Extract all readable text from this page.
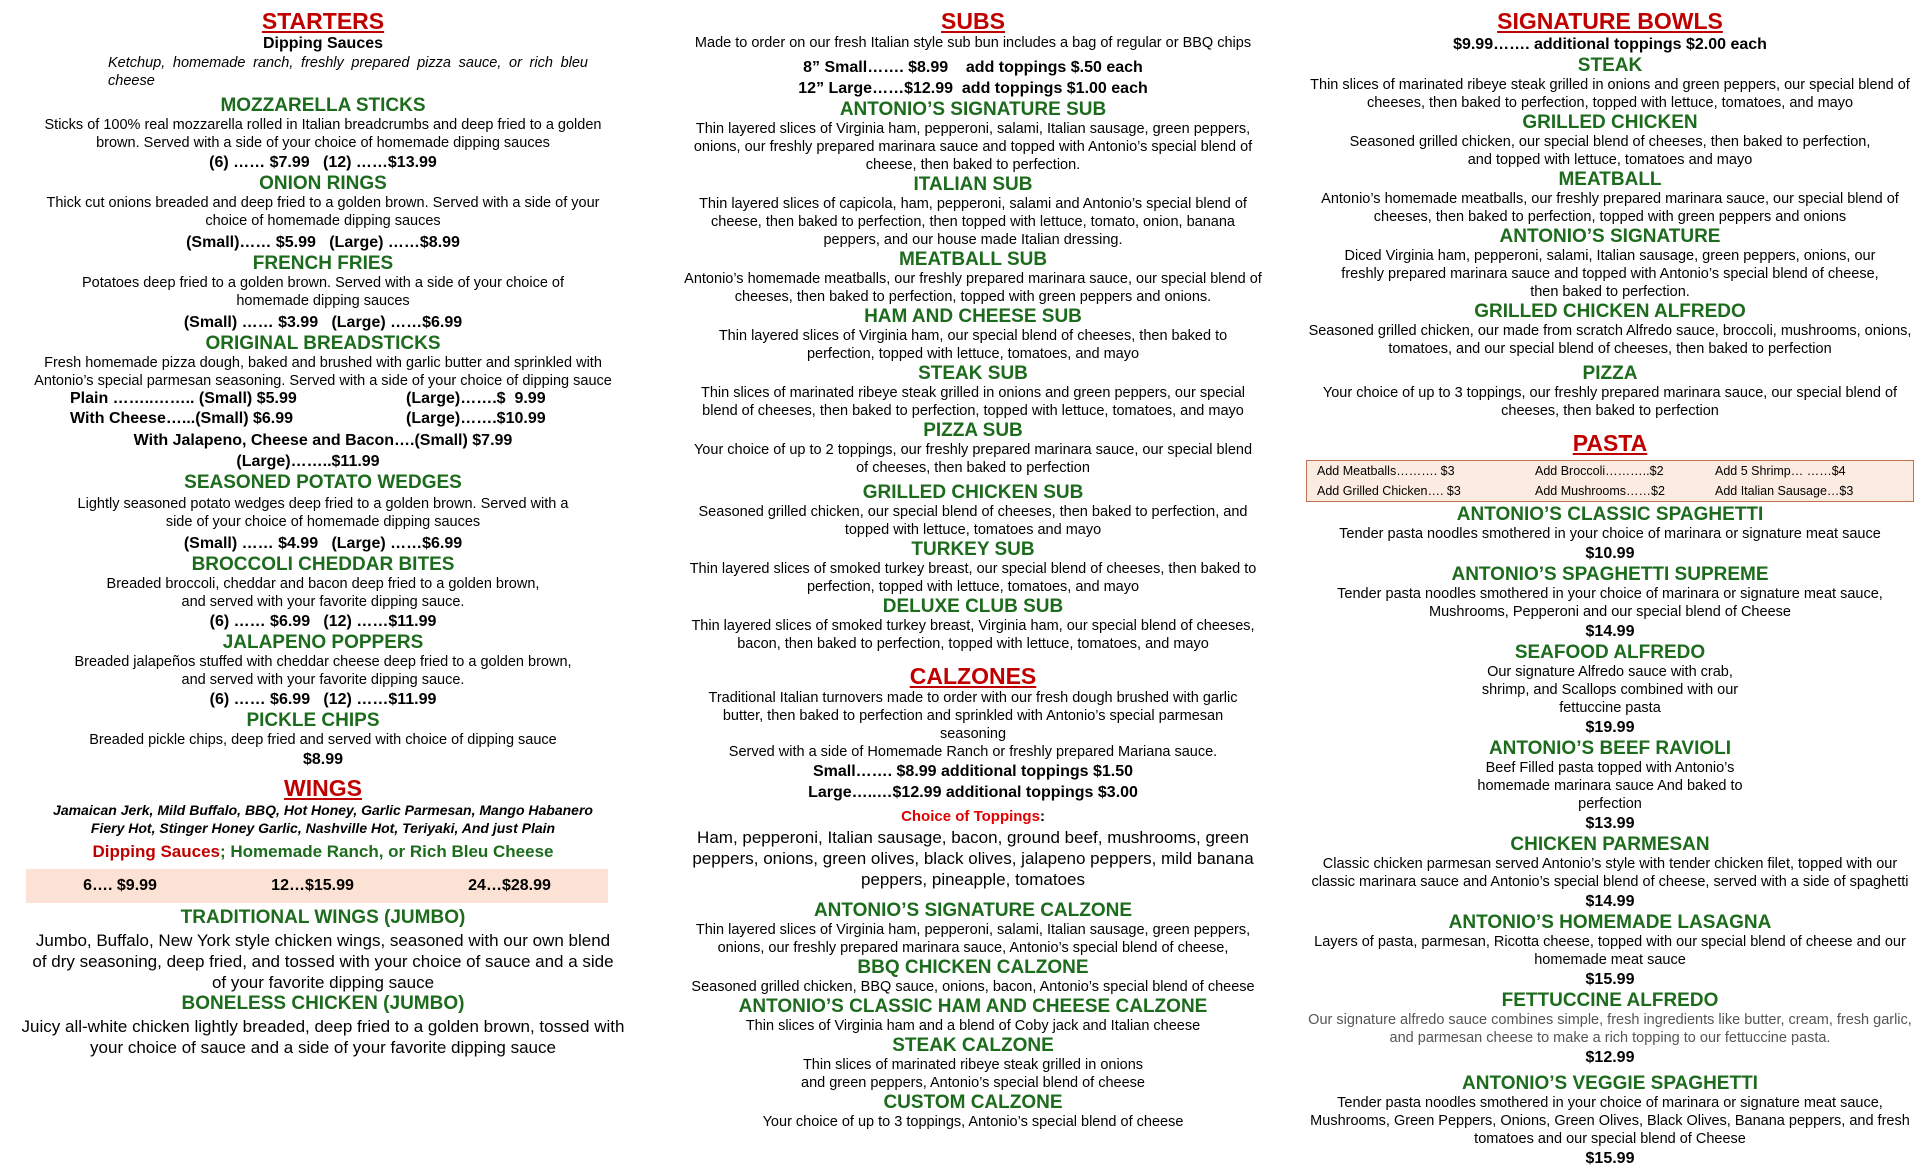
STARTERS
Dipping Sauces
Ketchup, homemade ranch, freshly prepared pizza sauce, or rich bleu cheese
MOZZARELLA STICKS
Sticks of 100% real mozzarella rolled in Italian breadcrumbs and deep fried to a golden brown. Served with a side of your choice of homemade dipping sauces
(6) …… $7.99   (12) ……$13.99
ONION RINGS
Thick cut onions breaded and deep fried to a golden brown. Served with a side of your choice of homemade dipping sauces
(Small)…… $5.99   (Large) ……$8.99
FRENCH FRIES
Potatoes deep fried to a golden brown. Served with a side of your choice of homemade dipping sauces
(Small) …… $3.99   (Large) ……$6.99
ORIGINAL BREADSTICKS
Fresh homemade pizza dough, baked and brushed with garlic butter and sprinkled with Antonio’s special parmesan seasoning. Served with a side of your choice of dipping sauce
Plain ……..…….. (Small) $5.99	(Large)…….$  9.99
With Cheese…...(Small) $6.99	(Large)…….$10.99
With Jalapeno, Cheese and Bacon….(Small) $7.99
(Large)……..$11.99
SEASONED POTATO WEDGES
Lightly seasoned potato wedges deep fried to a golden brown. Served with a side of your choice of homemade dipping sauces
(Small) …… $4.99   (Large) ……$6.99
BROCCOLI CHEDDAR BITES
Breaded broccoli, cheddar and bacon deep fried to a golden brown,
and served with your favorite dipping sauce.
(6) …… $6.99   (12) ……$11.99
JALAPENO POPPERS
Breaded jalapeños stuffed with cheddar cheese deep fried to a golden brown,
and served with your favorite dipping sauce.
(6) …… $6.99   (12) ……$11.99
PICKLE CHIPS
Breaded pickle chips, deep fried and served with choice of dipping sauce
$8.99
WINGS
Jamaican Jerk, Mild Buffalo, BBQ, Hot Honey, Garlic Parmesan, Mango Habanero
Fiery Hot, Stinger Honey Garlic, Nashville Hot, Teriyaki, And just Plain
Dipping Sauces; Homemade Ranch, or Rich Bleu Cheese
6…. $9.99	12…$15.99	24…$28.99
TRADITIONAL WINGS (JUMBO)
Jumbo, Buffalo, New York style chicken wings, seasoned with our own blend of dry seasoning, deep fried, and tossed with your choice of sauce and a side of your favorite dipping sauce
BONELESS CHICKEN (JUMBO)
Juicy all-white chicken lightly breaded, deep fried to a golden brown, tossed with your choice of sauce and a side of your favorite dipping sauce
SUBS
Made to order on our fresh Italian style sub bun includes a bag of regular or BBQ chips
8” Small……. $8.99    add toppings $.50 each
12” Large……$12.99  add toppings $1.00 each
ANTONIO’S SIGNATURE SUB
Thin layered slices of Virginia ham, pepperoni, salami, Italian sausage, green peppers, onions, our freshly prepared marinara sauce and topped with Antonio’s special blend of cheese, then baked to perfection.
ITALIAN SUB
Thin layered slices of capicola, ham, pepperoni, salami and Antonio’s special blend of cheese, then baked to perfection, then topped with lettuce, tomato, onion, banana peppers, and our house made Italian dressing.
MEATBALL SUB
Antonio’s homemade meatballs, our freshly prepared marinara sauce, our special blend of cheeses, then baked to perfection, topped with green peppers and onions.
HAM AND CHEESE SUB
Thin layered slices of Virginia ham, our special blend of cheeses, then baked to perfection, topped with lettuce, tomatoes, and mayo
STEAK SUB
Thin slices of marinated ribeye steak grilled in onions and green peppers, our special blend of cheeses, then baked to perfection, topped with lettuce, tomatoes, and mayo
PIZZA SUB
Your choice of up to 2 toppings, our freshly prepared marinara sauce, our special blend of cheeses, then baked to perfection
GRILLED CHICKEN SUB
Seasoned grilled chicken, our special blend of cheeses, then baked to perfection, and topped with lettuce, tomatoes and mayo
TURKEY SUB
Thin layered slices of smoked turkey breast, our special blend of cheeses, then baked to perfection, topped with lettuce, tomatoes, and mayo
DELUXE CLUB SUB
Thin layered slices of smoked turkey breast, Virginia ham, our special blend of cheeses, bacon, then baked to perfection, topped with lettuce, tomatoes, and mayo
CALZONES
Traditional Italian turnovers made to order with our fresh dough brushed with garlic butter, then baked to perfection and sprinkled with Antonio’s special parmesan seasoning
Served with a side of Homemade Ranch or freshly prepared Mariana sauce.
Small……. $8.99 additional toppings $1.50
Large…..…$12.99 additional toppings $3.00
Choice of Toppings:
Ham, pepperoni, Italian sausage, bacon, ground beef, mushrooms, green peppers, onions, green olives, black olives, jalapeno peppers, mild banana peppers, pineapple, tomatoes
ANTONIO’S SIGNATURE CALZONE
Thin layered slices of Virginia ham, pepperoni, salami, Italian sausage, green peppers, onions, our freshly prepared marinara sauce, Antonio’s special blend of cheese,
BBQ CHICKEN CALZONE
Seasoned grilled chicken, BBQ sauce, onions, bacon, Antonio’s special blend of cheese
ANTONIO’S CLASSIC HAM AND CHEESE CALZONE
Thin slices of Virginia ham and a blend of Coby jack and Italian cheese
STEAK CALZONE
Thin slices of marinated ribeye steak grilled in onions and green peppers, Antonio’s special blend of cheese
CUSTOM CALZONE
Your choice of up to 3 toppings, Antonio’s special blend of cheese
SIGNATURE BOWLS
$9.99……. additional toppings $2.00 each
STEAK
Thin slices of marinated ribeye steak grilled in onions and green peppers, our special blend of cheeses, then baked to perfection, topped with lettuce, tomatoes, and mayo
GRILLED CHICKEN
Seasoned grilled chicken, our special blend of cheeses, then baked to perfection, and topped with lettuce, tomatoes and mayo
MEATBALL
Antonio’s homemade meatballs, our freshly prepared marinara sauce, our special blend of cheeses, then baked to perfection, topped with green peppers and onions
ANTONIO’S SIGNATURE
Diced Virginia ham, pepperoni, salami, Italian sausage, green peppers, onions, our freshly prepared marinara sauce and topped with Antonio’s special blend of cheese, then baked to perfection.
GRILLED CHICKEN ALFREDO
Seasoned grilled chicken, our made from scratch Alfredo sauce, broccoli, mushrooms, onions, tomatoes, and our special blend of cheeses, then baked to perfection
PIZZA
Your choice of up to 3 toppings, our freshly prepared marinara sauce, our special blend of cheeses, then baked to perfection
PASTA
Add Meatballs………. $3	Add Broccoli………..$2	Add 5 Shrimp… ……$4
Add Grilled Chicken…. $3	Add Mushrooms……$2	Add Italian Sausage…$3
ANTONIO’S CLASSIC SPAGHETTI
Tender pasta noodles smothered in your choice of marinara or signature meat sauce
$10.99
ANTONIO’S SPAGHETTI SUPREME
Tender pasta noodles smothered in your choice of marinara or signature meat sauce, Mushrooms, Pepperoni and our special blend of Cheese
$14.99
SEAFOOD ALFREDO
Our signature Alfredo sauce with crab, shrimp, and Scallops combined with our fettuccine pasta
$19.99
ANTONIO’S BEEF RAVIOLI
Beef Filled pasta topped with Antonio’s homemade marinara sauce And baked to perfection
$13.99
CHICKEN PARMESAN
Classic chicken parmesan served Antonio’s style with tender chicken filet, topped with our classic marinara sauce and Antonio’s special blend of cheese, served with a side of spaghetti
$14.99
ANTONIO’S HOMEMADE LASAGNA
Layers of pasta, parmesan, Ricotta cheese, topped with our special blend of cheese and our homemade meat sauce
$15.99
FETTUCCINE ALFREDO
Our signature alfredo sauce combines simple, fresh ingredients like butter, cream, fresh garlic, and parmesan cheese to make a rich topping to our fettuccine pasta.
$12.99
ANTONIO’S VEGGIE SPAGHETTI
Tender pasta noodles smothered in your choice of marinara or signature meat sauce, Mushrooms, Green Peppers, Onions, Green Olives, Black Olives, Banana peppers, and fresh tomatoes and our special blend of Cheese
$15.99
